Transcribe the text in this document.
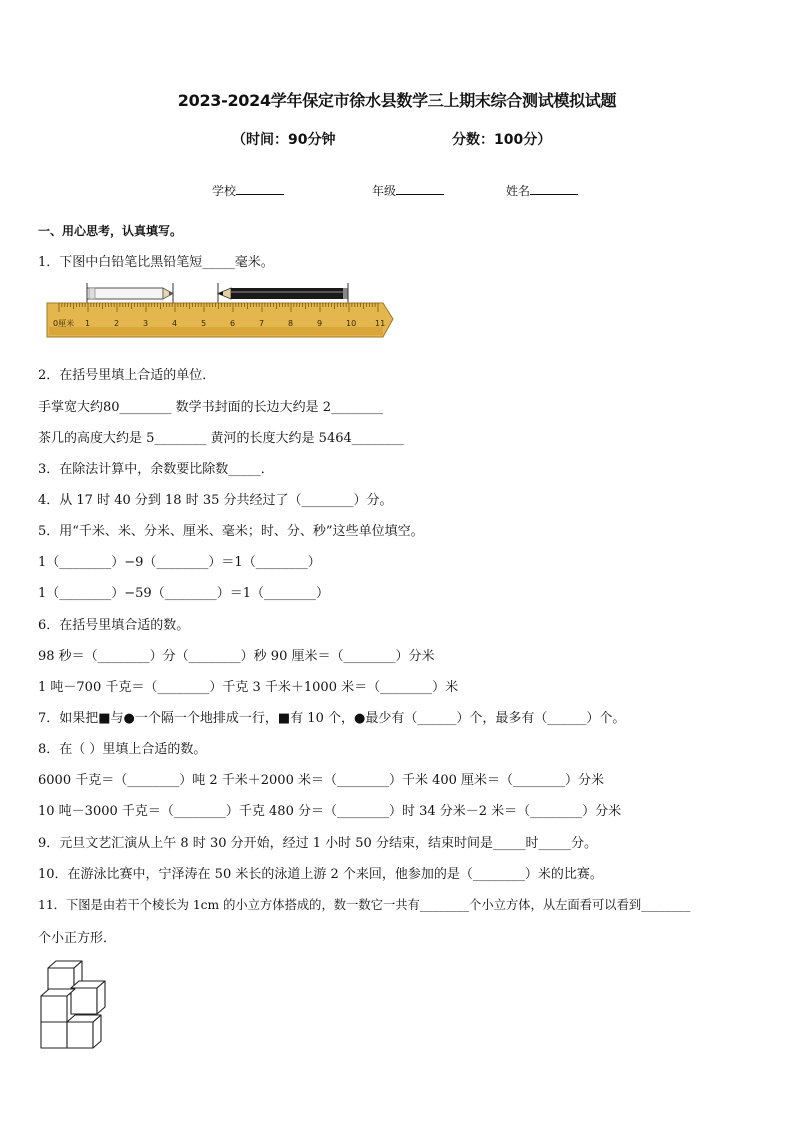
2023-2024学年保定市徐水县数学三上期末综合测试模拟试题
（时间：90分钟	分数：100分）
学校	年级	姓名
一、用心思考，认真填写。
1．下图中白铅笔比黑铅笔短_____毫米。
0厘米 1	2	3	4	5	6	7	8	9	10 11
2．在括号里填上合适的单位．
手掌宽大约80________ 数学书封面的长边大约是 2________
茶几的高度大约是 5________ 黄河的长度大约是 5464________
3．在除法计算中，余数要比除数_____．
4．从 17 时 40 分到 18 时 35 分共经过了（________）分。
5．用“千米、米、分米、厘米、毫米；时、分、秒”这些单位填空。
1（________）−9（________）＝1（________）
1（________）−59（________）＝1（________）
6．在括号里填合适的数。
98 秒＝（________）分（________）秒 90 厘米＝（________）分米
1 吨－700 千克＝（________）千克 3 千米＋1000 米＝（________）米
7．如果把■与●一个隔一个地排成一行，■有 10 个，●最少有（______）个，最多有（______）个。
8．在（ ）里填上合适的数。
6000 千克＝（________）吨 2 千米＋2000 米＝（________）千米 400 厘米＝（________）分米
10 吨－3000 千克＝（________）千克 480 分＝（________）时 34 分米－2 米＝（________）分米
9．元旦文艺汇演从上午 8 时 30 分开始，经过 1 小时 50 分结束，结束时间是_____时_____分。
10．在游泳比赛中，宁泽涛在 50 米长的泳道上游 2 个来回，他参加的是（________）米的比赛。
11．下图是由若干个棱长为 1cm 的小立方体搭成的，数一数它一共有________个小立方体，从左面看可以看到________
个小正方形．
